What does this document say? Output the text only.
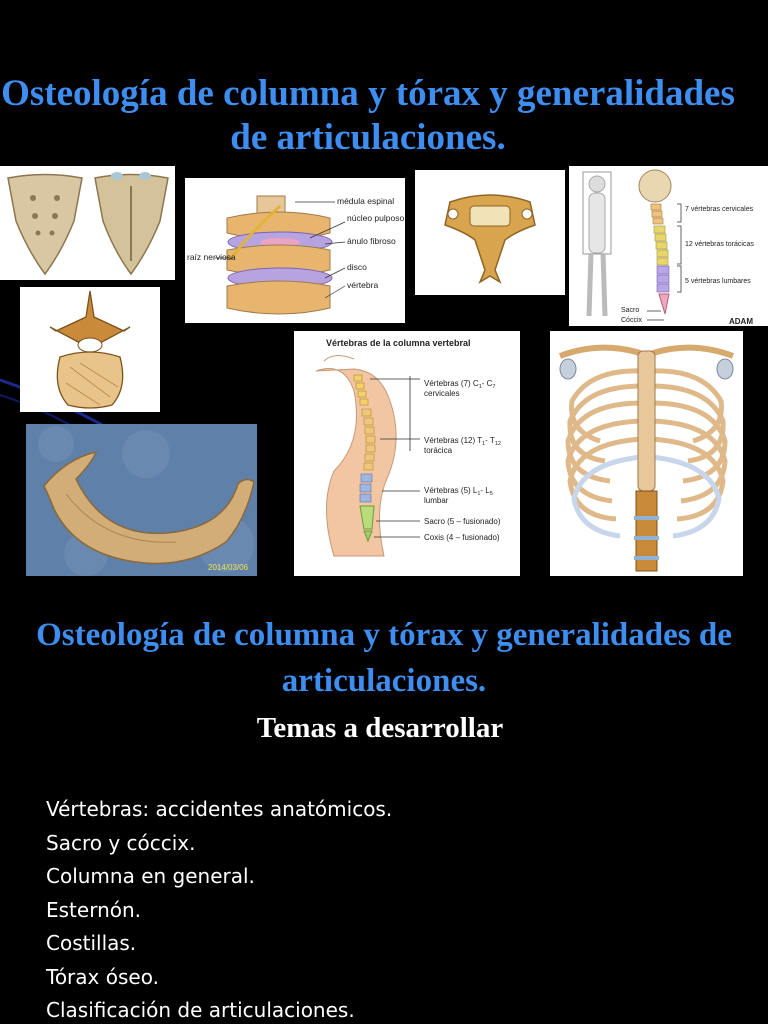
Osteología de columna y tórax y generalidades de articulaciones.
médula espinal
núcleo pulposo
ánulo fibroso
raíz nerviosa
disco
vértebra
7 vértebras cervicales
12 vértebras torácicas
5 vértebras lumbares
Sacro
Cóccix	ADAM
Vértebras de la columna vertebral
Vértebras (7) $C_1-$ $C_7$
cervicales
Vértebras (12) $T_1-$ $T_{12}$
torácica
Vértebras (5) $L_1-$ $L_5$
lumbar
Sacro (5 – fusionado)
Coxis (4 – fusionado)
2014/03/06
Osteología de columna y tórax y generalidades de articulaciones.
Temas a desarrollar
Vértebras: accidentes anatómicos.
Sacro y cóccix.
Columna en general.
Esternón.
Costillas.
Tórax óseo.
Clasificación de articulaciones.
